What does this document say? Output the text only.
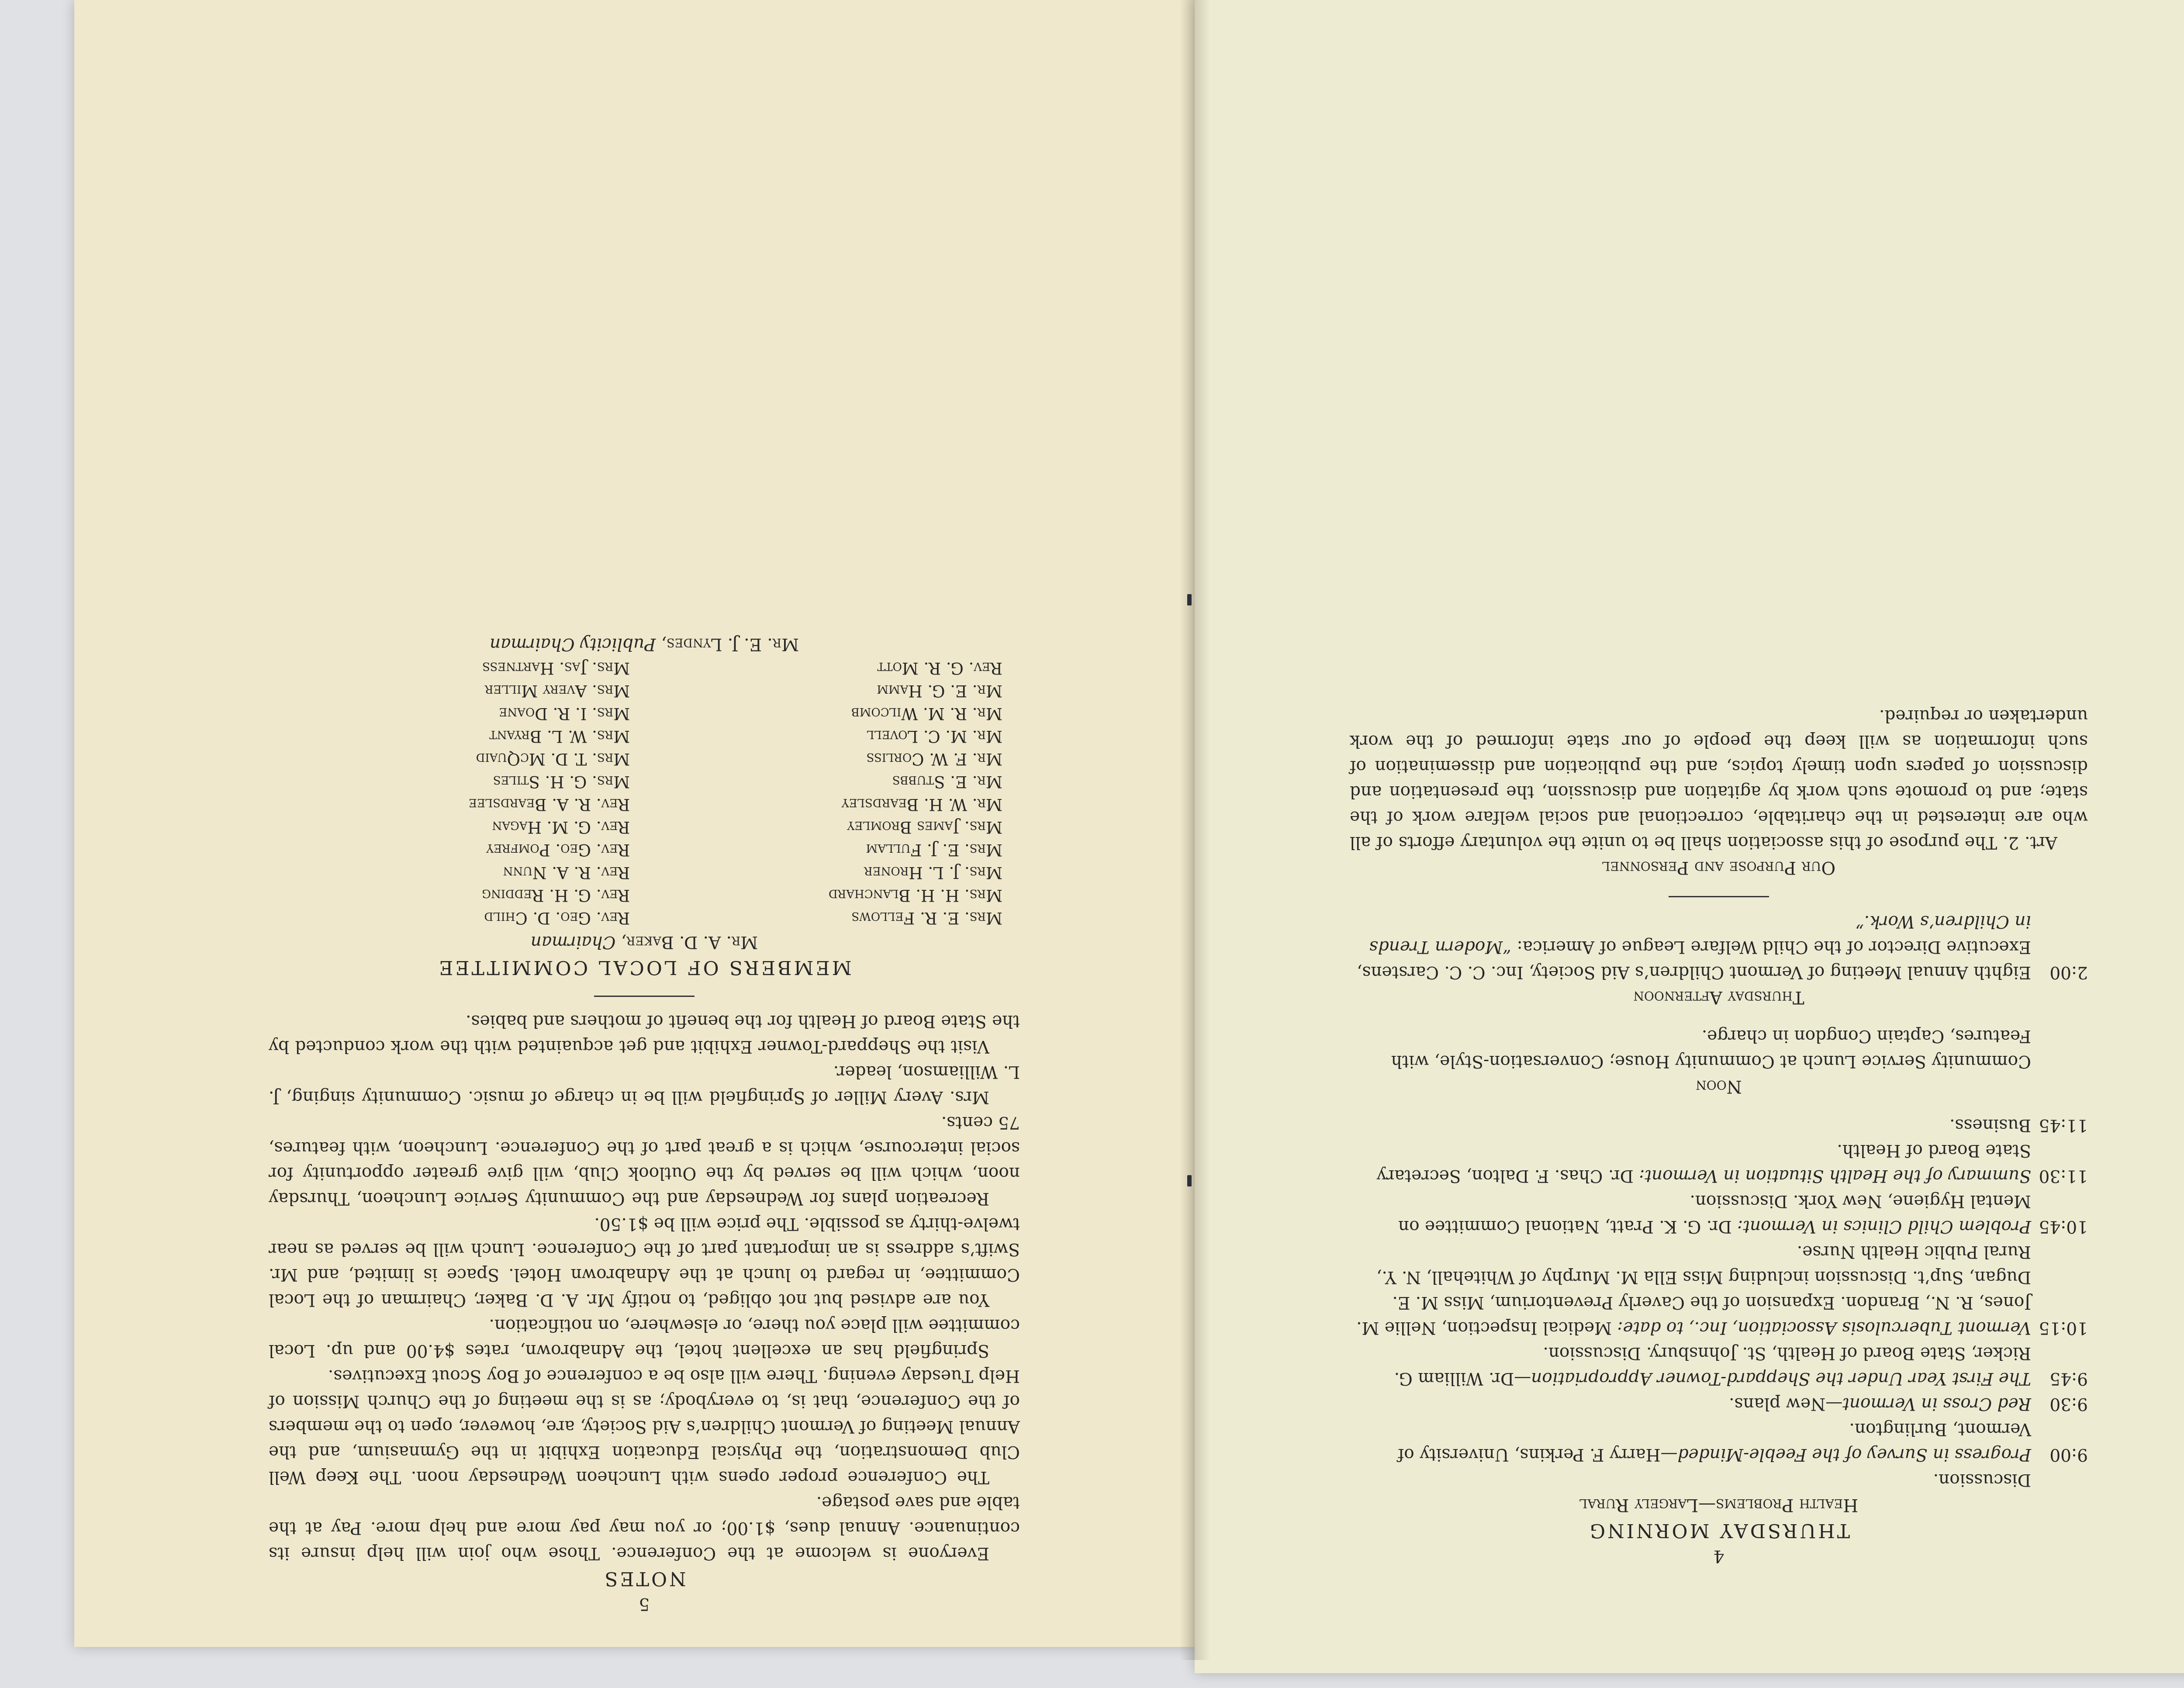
5

NOTES

Everyone is welcome at the Conference. Those who join will help insure its continuance. Annual dues, $1.00; or you may pay more and help more. Pay at the table and save postage.

The Conference proper opens with Luncheon Wednesday noon. The Keep Well Club Demonstration, the Physical Education Exhibit in the Gymnasium, and the Annual Meeting of Vermont Children’s Aid Society, are, however, open to the members of the Conference, that is, to everybody; as is the meeting of the Church Mission of Help Tuesday evening. There will also be a conference of Boy Scout Executives.

Springfield has an excellent hotel, the Adnabrown, rates $4.00 and up. Local committee will place you there, or elsewhere, on notification.

You are advised but not obliged, to notify Mr. A. D. Baker, Chairman of the Local Committee, in regard to lunch at the Adnabrown Hotel. Space is limited, and Mr. Swift’s address is an important part of the Conference. Lunch will be served as near twelve-thirty as possible. The price will be $1.50.

Recreation plans for Wednesday and the Community Service Luncheon, Thursday noon, which will be served by the Outlook Club, will give greater opportunity for social intercourse, which is a great part of the Conference. Luncheon, with features, 75 cents.

Mrs. Avery Miller of Springfield will be in charge of music. Community singing, J. L. Williamson, leader.

Visit the Sheppard-Towner Exhibit and get acquainted with the work conducted by the State Board of Health for the benefit of mothers and babies.

MEMBERS OF LOCAL COMMITTEE

Mr. A. D. Baker, Chairman

Mrs. E. R. Fellows
Mrs. H. H. Blanchard
Mrs. J. L. Hroner
Mrs. E. J. Fullam
Mrs. James Bromley
Mr. W. H. Beardsley
Mr. E. Stubbs
Mr. F. W. Corliss
Mr. M. C. Lovell
Mr. R. M. Wilcomb
Mr. E. G. Hamm
Rev. G. R. Mott
Rev. Geo. D. Child
Rev. G. H. Redding
Rev. R. A. Nunn
Rev. Geo. Pomfrey
Rev. G. M. Hagan
Rev. R. A. Beardslee
Mrs. G. H. Stiles
Mrs. T. D. McQuaid
Mrs. W. L. Bryant
Mrs. I. R. Doane
Mrs. Avery Miller
Mrs. Jas. Hartness

Mr. E. J. Lyndes, Publicity Chairman

4

THURSDAY MORNING

Health Problems—Largely Rural

Discussion.

9:00
Progress in Survey of the Feeble-Minded—Harry F. Perkins, University of Vermont, Burlington.

9:30
Red Cross in Vermont—New plans.

9:45
The First Year Under the Sheppard-Towner Appropriation—Dr. William G. Ricker, State Board of Health, St. Johnsbury. Discussion.

10:15
Vermont Tuberculosis Association, Inc., to date: Medical Inspection, Nellie M. Jones, R. N., Brandon. Expansion of the Caverly Preventorium, Miss M. E. Dugan, Sup’t. Discussion including Miss Ella M. Murphy of Whitehall, N. Y., Rural Public Health Nurse.

10:45
Problem Child Clinics in Vermont: Dr. G. K. Pratt, National Committee on Mental Hygiene, New York. Discussion.

11:30
Summary of the Health Situation in Vermont: Dr. Chas. F. Dalton, Secretary State Board of Health.

11:45
Business.

Noon

Community Service Lunch at Community House; Conversation-Style, with Features, Captain Congdon in charge.

Thursday Afternoon

2:00
Eighth Annual Meeting of Vermont Children’s Aid Society, Inc. C. C. Carstens, Executive Director of the Child Welfare League of America: “Modern Trends in Children’s Work.”

Our Purpose and Personnel

Art. 2. The purpose of this association shall be to unite the voluntary efforts of all who are interested in the charitable, correctional and social welfare work of the state; and to promote such work by agitation and discussion, the presentation and discussion of papers upon timely topics, and the publication and dissemination of such information as will keep the people of our state informed of the work undertaken or required.
